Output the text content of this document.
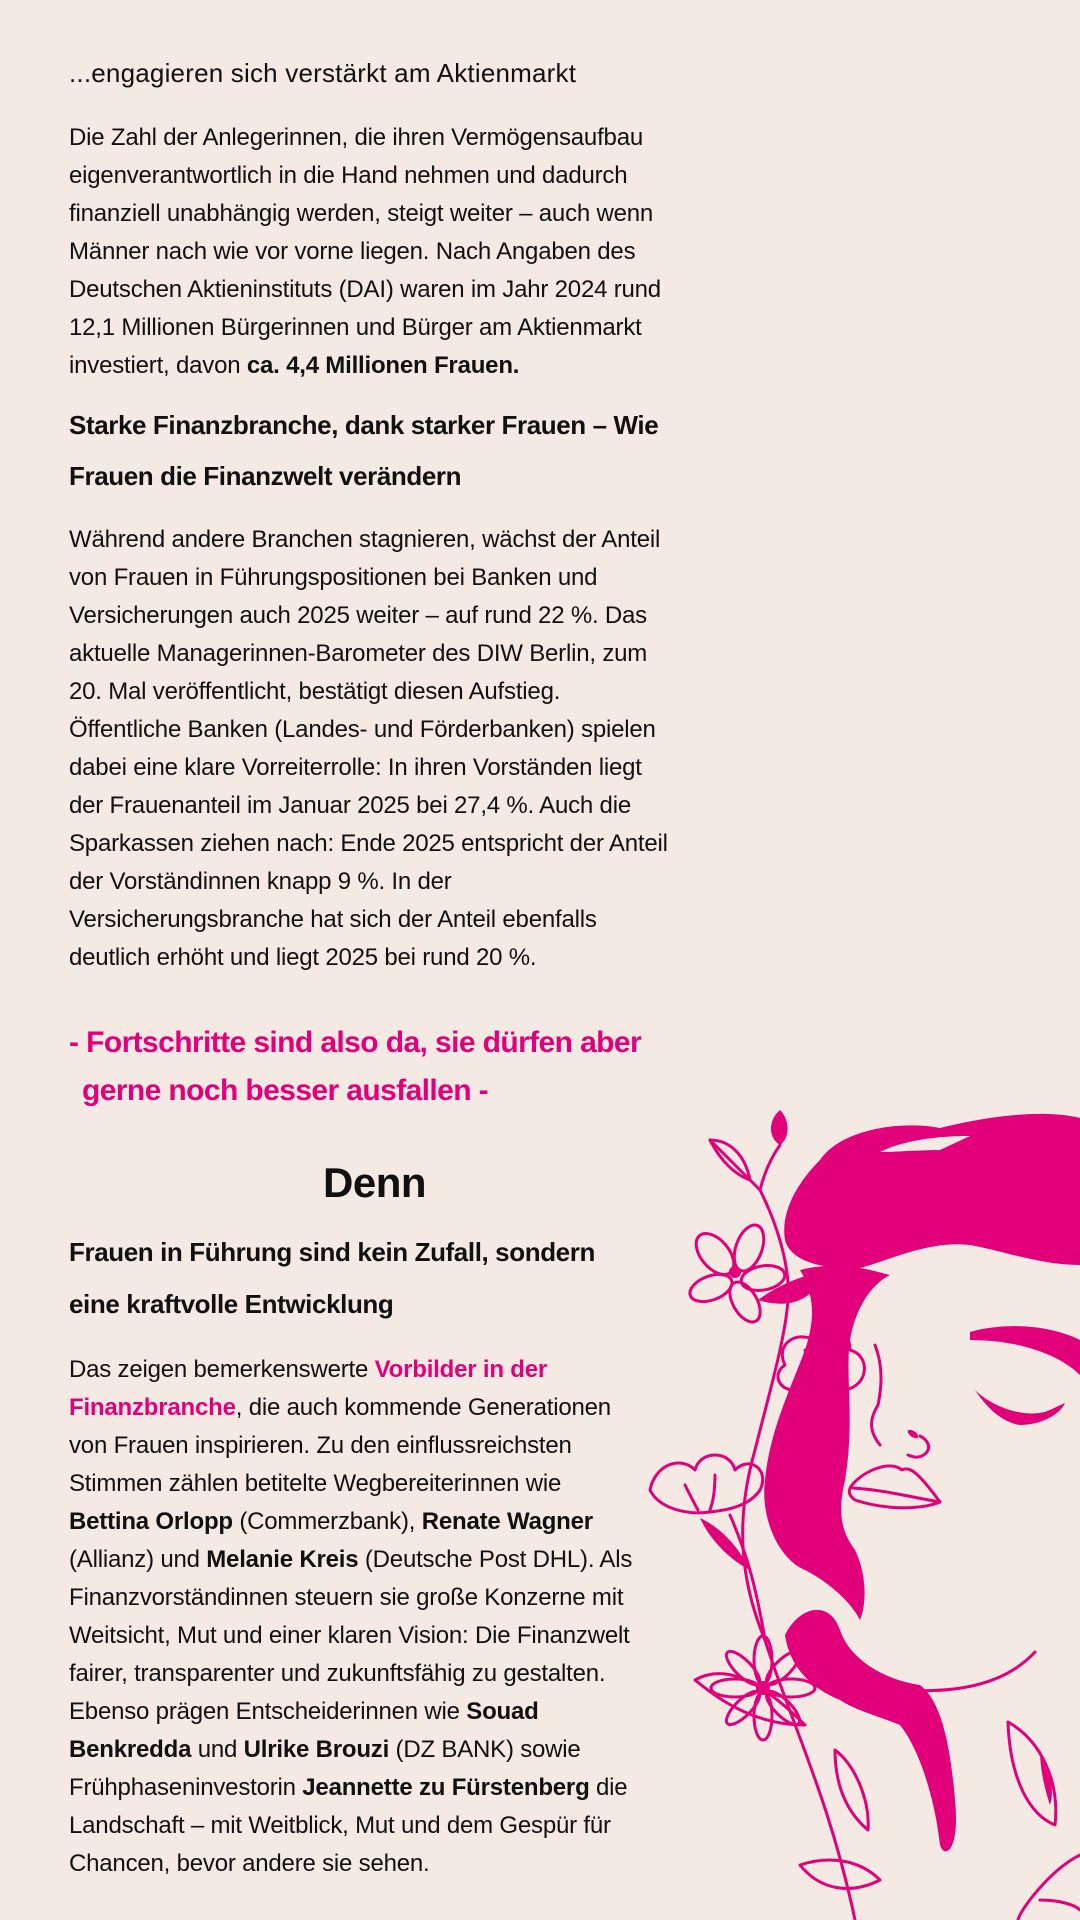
...engagieren sich verstärkt am Aktienmarkt
Die Zahl der Anlegerinnen, die ihren Vermögensaufbau
eigenverantwortlich in die Hand nehmen und dadurch
finanziell unabhängig werden, steigt weiter – auch wenn
Männer nach wie vor vorne liegen. Nach Angaben des
Deutschen Aktieninstituts (DAI) waren im Jahr 2024 rund
12,1 Millionen Bürgerinnen und Bürger am Aktienmarkt
investiert, davon ca. 4,4 Millionen Frauen.
Starke Finanzbranche, dank starker Frauen – Wie
Frauen die Finanzwelt verändern
Während andere Branchen stagnieren, wächst der Anteil
von Frauen in Führungspositionen bei Banken und
Versicherungen auch 2025 weiter – auf rund 22 %. Das
aktuelle Managerinnen-Barometer des DIW Berlin, zum
20. Mal veröffentlicht, bestätigt diesen Aufstieg.
Öffentliche Banken (Landes- und Förderbanken) spielen
dabei eine klare Vorreiterrolle: In ihren Vorständen liegt
der Frauenanteil im Januar 2025 bei 27,4 %. Auch die
Sparkassen ziehen nach: Ende 2025 entspricht der Anteil
der Vorständinnen knapp 9 %. In der
Versicherungsbranche hat sich der Anteil ebenfalls
deutlich erhöht und liegt 2025 bei rund 20 %.
- Fortschritte sind also da, sie dürfen aber
gerne noch besser ausfallen -
Denn
Frauen in Führung sind kein Zufall, sondern
eine kraftvolle Entwicklung
Das zeigen bemerkenswerte Vorbilder in der
Finanzbranche, die auch kommende Generationen
von Frauen inspirieren. Zu den einflussreichsten
Stimmen zählen betitelte Wegbereiterinnen wie
Bettina Orlopp (Commerzbank), Renate Wagner
(Allianz) und Melanie Kreis (Deutsche Post DHL). Als
Finanzvorständinnen steuern sie große Konzerne mit
Weitsicht, Mut und einer klaren Vision: Die Finanzwelt
fairer, transparenter und zukunftsfähig zu gestalten.
Ebenso prägen Entscheiderinnen wie Souad
Benkredda und Ulrike Brouzi (DZ BANK) sowie
Frühphaseninvestorin Jeannette zu Fürstenberg die
Landschaft – mit Weitblick, Mut und dem Gespür für
Chancen, bevor andere sie sehen.
